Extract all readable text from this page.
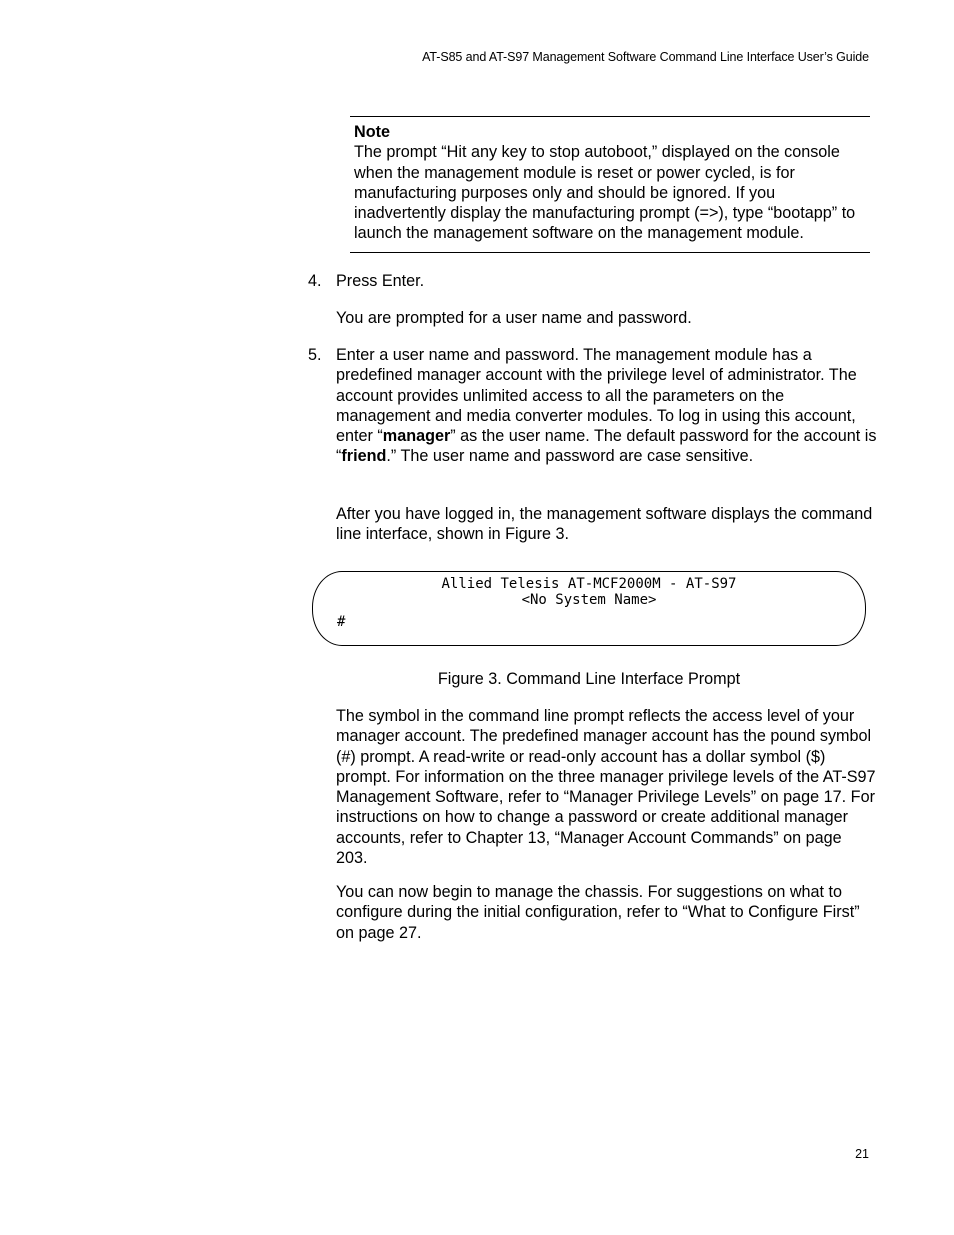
AT-S85 and AT-S97 Management Software Command Line Interface User’s Guide
Note
The prompt “Hit any key to stop autoboot,” displayed on the console when the management module is reset or power cycled, is for manufacturing purposes only and should be ignored. If you inadvertently display the manufacturing prompt (=>), type “bootapp” to launch the management software on the management module.
4. Press Enter.
You are prompted for a user name and password.
5. Enter a user name and password. The management module has a predefined manager account with the privilege level of administrator. The account provides unlimited access to all the parameters on the management and media converter modules. To log in using this account, enter “manager” as the user name. The default password for the account is “friend.” The user name and password are case sensitive.
After you have logged in, the management software displays the command line interface, shown in Figure 3.
Allied Telesis AT-MCF2000M - AT-S97
<No System Name>
#
Figure 3. Command Line Interface Prompt
The symbol in the command line prompt reflects the access level of your manager account. The predefined manager account has the pound symbol (#) prompt. A read-write or read-only account has a dollar symbol ($) prompt. For information on the three manager privilege levels of the AT-S97 Management Software, refer to “Manager Privilege Levels” on page 17. For instructions on how to change a password or create additional manager accounts, refer to Chapter 13, “Manager Account Commands” on page 203.
You can now begin to manage the chassis. For suggestions on what to configure during the initial configuration, refer to “What to Configure First” on page 27.
21
